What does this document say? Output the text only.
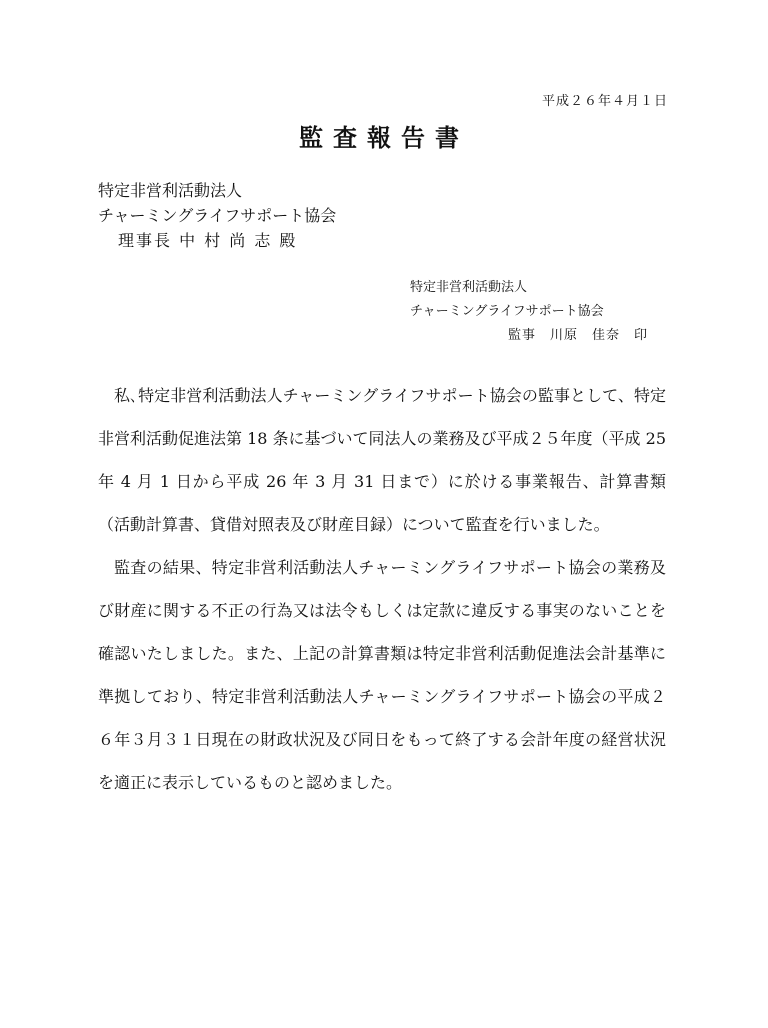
平成２６年４月１日
監査報告書
特定非営利活動法人
チャーミングライフサポート協会
理事長 中 村 尚 志 殿
特定非営利活動法人
チャーミングライフサポート協会
監事　川原　佳奈　印

私､特定非営利活動法人チャーミングライフサポート協会の監事として、特定非営利活動促進法第 18 条に基づいて同法人の業務及び平成２５年度（平成 25 年 4 月 1 日から平成 26 年 3 月 31 日まで）に於ける事業報告、計算書類（活動計算書、貸借対照表及び財産目録）について監査を行いました。

監査の結果、特定非営利活動法人チャーミングライフサポート協会の業務及び財産に関する不正の行為又は法令もしくは定款に違反する事実のないことを確認いたしました。また、上記の計算書類は特定非営利活動促進法会計基準に準拠しており、特定非営利活動法人チャーミングライフサポート協会の平成２６年３月３１日現在の財政状況及び同日をもって終了する会計年度の経営状況を適正に表示しているものと認めました。
